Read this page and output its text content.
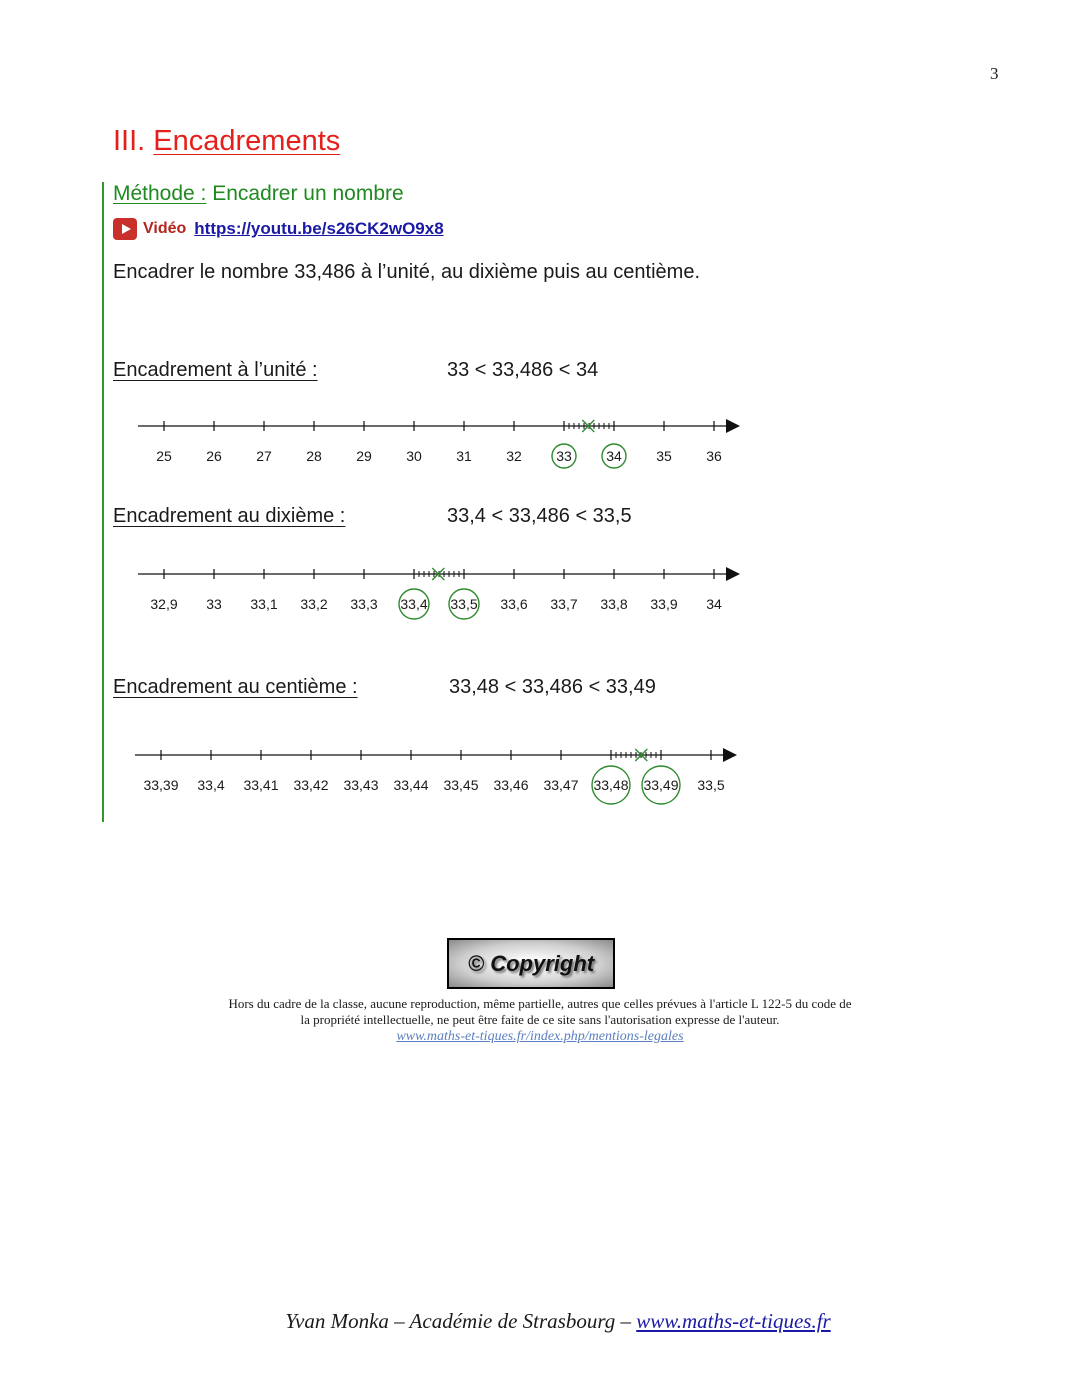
3
III. Encadrements
Méthode : Encadrer un nombre
Vidéo https://youtu.be/s26CK2wO9x8
Encadrer le nombre 33,486 à l’unité, au dixième puis au centième.
Encadrement à l’unité :	33 < 33,486 < 34
25 26 27 28 29 30 31 32 33 34 35 36
Encadrement au dixième :	33,4 < 33,486 < 33,5
32,9 33 33,1 33,2 33,3 33,4 33,5 33,6 33,7 33,8 33,9 34
Encadrement au centième :	33,48 < 33,486 < 33,49
33,39 33,4 33,41 33,42 33,43 33,44 33,45 33,46 33,47 33,48 33,49 33,5
© Copyright
Hors du cadre de la classe, aucune reproduction, même partielle, autres que celles prévues à l'article L 122-5 du code de
la propriété intellectuelle, ne peut être faite de ce site sans l'autorisation expresse de l'auteur.
www.maths-et-tiques.fr/index.php/mentions-legales
Yvan Monka – Académie de Strasbourg – www.maths-et-tiques.fr
